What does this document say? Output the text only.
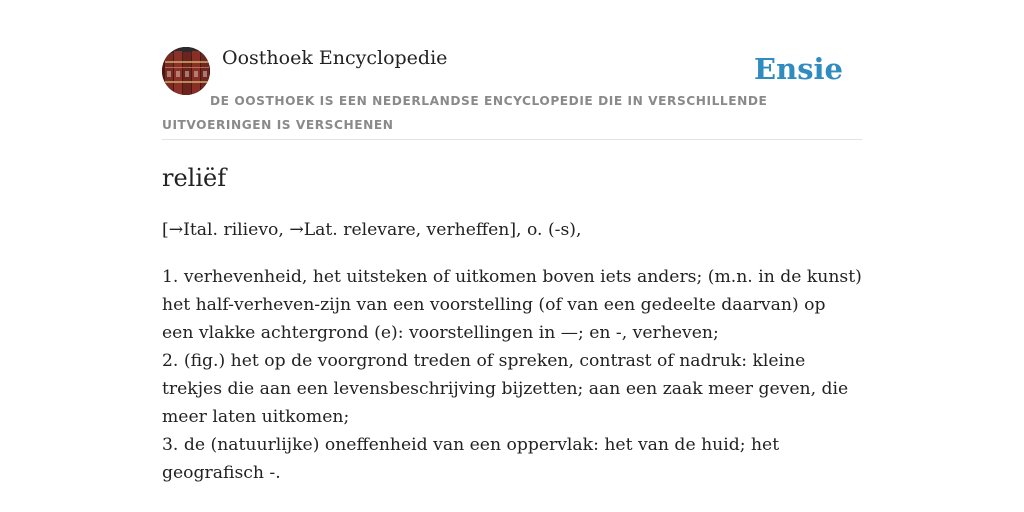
Oosthoek Encyclopedie	Ensie
DE OOSTHOEK IS EEN NEDERLANDSE ENCYCLOPEDIE DIE IN VERSCHILLENDE UITVOERINGEN IS VERSCHENEN
reliëf
[→Ital. rilievo, →Lat. relevare, verheffen], o. (-s),

1. verhevenheid, het uitsteken of uitkomen boven iets anders; (m.n. in de kunst) het half-verheven-zijn van een voorstelling (of van een gedeelte daarvan) op een vlakke achtergrond (e): voorstellingen in —; en -, verheven;

2. (fig.) het op de voorgrond treden of spreken, contrast of nadruk: kleine trekjes die aan een levensbeschrijving bijzetten; aan een zaak meer geven, die meer laten uitkomen;

3. de (natuurlijke) oneffenheid van een oppervlak: het van de huid; het geografisch -.
